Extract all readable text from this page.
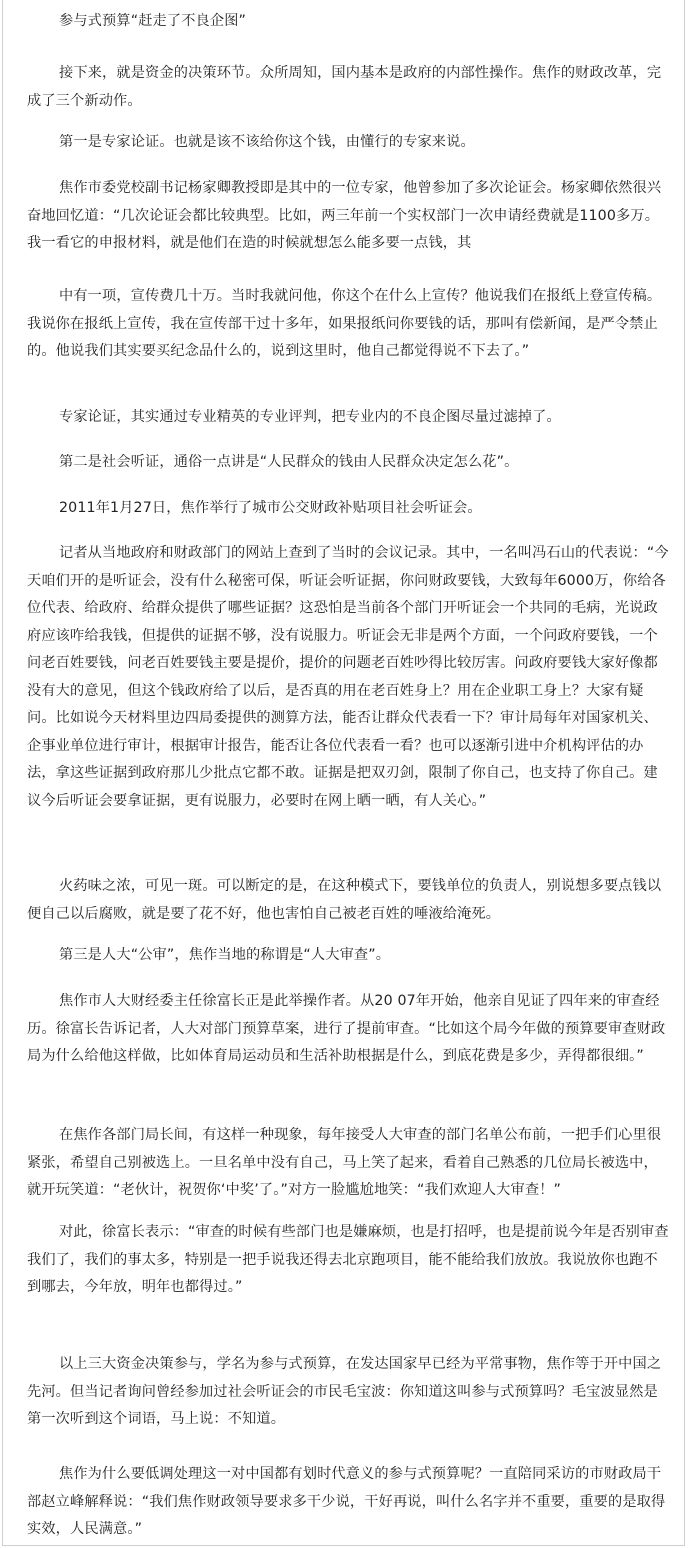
参与式预算“赶走了不良企图”

接下来，就是资金的决策环节。众所周知，国内基本是政府的内部性操作。焦作的财政改革，完成了三个新动作。

第一是专家论证。也就是该不该给你这个钱，由懂行的专家来说。

焦作市委党校副书记杨家卿教授即是其中的一位专家，他曾参加了多次论证会。杨家卿依然很兴奋地回忆道：“几次论证会都比较典型。比如，两三年前一个实权部门一次申请经费就是1100多万。我一看它的申报材料，就是他们在造的时候就想怎么能多要一点钱，其

中有一项，宣传费几十万。当时我就问他，你这个在什么上宣传？他说我们在报纸上登宣传稿。我说你在报纸上宣传，我在宣传部干过十多年，如果报纸问你要钱的话，那叫有偿新闻，是严令禁止的。他说我们其实要买纪念品什么的，说到这里时，他自己都觉得说不下去了。”

专家论证，其实通过专业精英的专业评判，把专业内的不良企图尽量过滤掉了。

第二是社会听证，通俗一点讲是“人民群众的钱由人民群众决定怎么花”。

2011年1月27日，焦作举行了城市公交财政补贴项目社会听证会。

记者从当地政府和财政部门的网站上查到了当时的会议记录。其中，一名叫冯石山的代表说：“今天咱们开的是听证会，没有什么秘密可保，听证会听证据，你问财政要钱，大致每年6000万，你给各位代表、给政府、给群众提供了哪些证据？这恐怕是当前各个部门开听证会一个共同的毛病，光说政府应该咋给我钱，但提供的证据不够，没有说服力。听证会无非是两个方面，一个问政府要钱，一个问老百姓要钱，问老百姓要钱主要是提价，提价的问题老百姓吵得比较厉害。问政府要钱大家好像都没有大的意见，但这个钱政府给了以后，是否真的用在老百姓身上？用在企业职工身上？大家有疑问。比如说今天材料里边四局委提供的测算方法，能否让群众代表看一下？审计局每年对国家机关、企事业单位进行审计，根据审计报告，能否让各位代表看一看？也可以逐渐引进中介机构评估的办法，拿这些证据到政府那儿少批点它都不敢。证据是把双刃剑，限制了你自己，也支持了你自己。建议今后听证会要拿证据，更有说服力，必要时在网上晒一晒，有人关心。”

火药味之浓，可见一斑。可以断定的是，在这种模式下，要钱单位的负责人，别说想多要点钱以便自己以后腐败，就是要了花不好，他也害怕自己被老百姓的唾液给淹死。

第三是人大“公审”，焦作当地的称谓是“人大审查”。

焦作市人大财经委主任徐富长正是此举操作者。从20 07年开始，他亲自见证了四年来的审查经历。徐富长告诉记者，人大对部门预算草案，进行了提前审查。“比如这个局今年做的预算要审查财政局为什么给他这样做，比如体育局运动员和生活补助根据是什么，到底花费是多少，弄得都很细。”

在焦作各部门局长间，有这样一种现象，每年接受人大审查的部门名单公布前，一把手们心里很紧张，希望自己别被选上。一旦名单中没有自己，马上笑了起来，看着自己熟悉的几位局长被选中，就开玩笑道：“老伙计，祝贺你‘中奖’了。”对方一脸尴尬地笑：“我们欢迎人大审查！”

对此，徐富长表示：“审查的时候有些部门也是嫌麻烦，也是打招呼，也是提前说今年是否别审查我们了，我们的事太多，特别是一把手说我还得去北京跑项目，能不能给我们放放。我说放你也跑不到哪去，今年放，明年也都得过。”

以上三大资金决策参与，学名为参与式预算，在发达国家早已经为平常事物，焦作等于开中国之先河。但当记者询问曾经参加过社会听证会的市民毛宝波：你知道这叫参与式预算吗？毛宝波显然是第一次听到这个词语，马上说：不知道。

焦作为什么要低调处理这一对中国都有划时代意义的参与式预算呢？一直陪同采访的市财政局干部赵立峰解释说：“我们焦作财政领导要求多干少说，干好再说，叫什么名字并不重要，重要的是取得实效，人民满意。”
